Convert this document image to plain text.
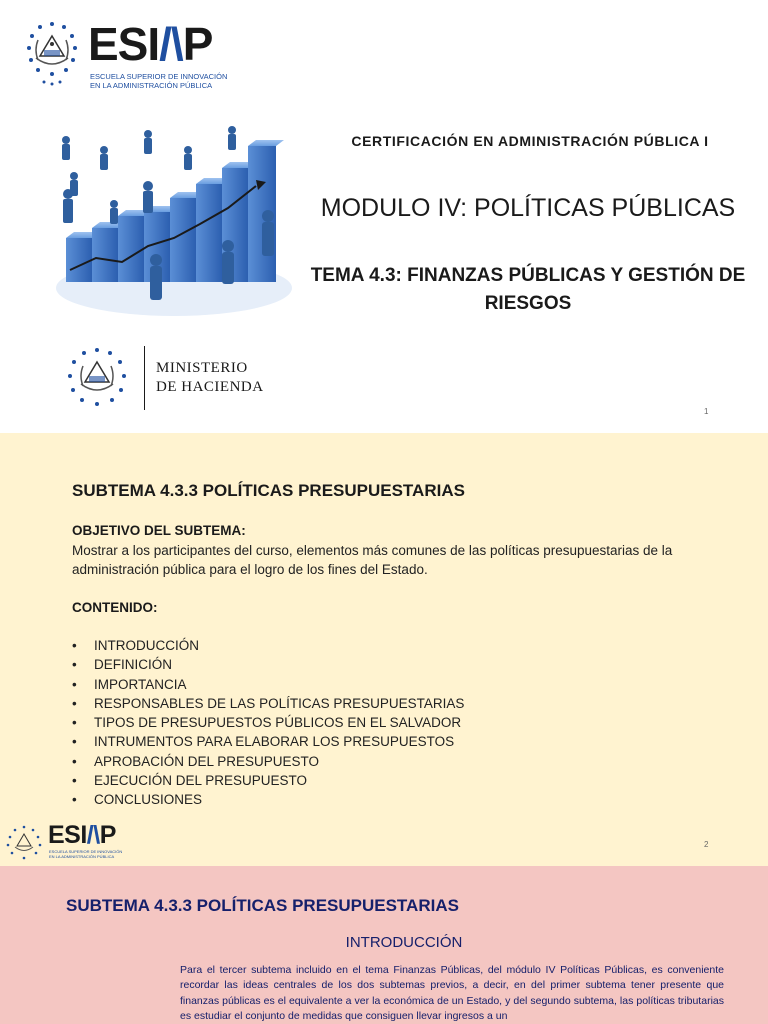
ESI/\P
ESCUELA SUPERIOR DE INNOVACIÓN
EN LA ADMINISTRACIÓN PÚBLICA
CERTIFICACIÓN EN ADMINISTRACIÓN PÚBLICA I
MODULO IV: POLÍTICAS PÚBLICAS
TEMA 4.3: FINANZAS PÚBLICAS Y GESTIÓN DE RIESGOS
MINISTERIO
DE HACIENDA
1
SUBTEMA 4.3.3 POLÍTICAS PRESUPUESTARIAS
OBJETIVO DEL SUBTEMA:
Mostrar a los participantes del curso, elementos más comunes de las políticas presupuestarias de la administración pública para el logro de los fines del Estado.
CONTENIDO:
• INTRODUCCIÓN
• DEFINICIÓN
• IMPORTANCIA
• RESPONSABLES DE LAS POLÍTICAS PRESUPUESTARIAS
• TIPOS DE PRESUPUESTOS PÚBLICOS EN EL SALVADOR
• INTRUMENTOS PARA ELABORAR LOS PRESUPUESTOS
• APROBACIÓN DEL PRESUPUESTO
• EJECUCIÓN DEL PRESUPUESTO
• CONCLUSIONES
ESI/\P
ESCUELA SUPERIOR DE INNOVACIÓN
EN LA ADMINISTRACIÓN PÚBLICA
2
SUBTEMA 4.3.3 POLÍTICAS PRESUPUESTARIAS
INTRODUCCIÓN
Para el tercer subtema incluido en el tema Finanzas Públicas, del módulo IV Políticas Públicas, es conveniente recordar las ideas centrales de los dos subtemas previos, a decir, en del primer subtema tener presente que finanzas públicas es el equivalente a ver la económica de un Estado, y del segundo subtema, las políticas tributarias es estudiar el conjunto de medidas que consiguen llevar ingresos a un
